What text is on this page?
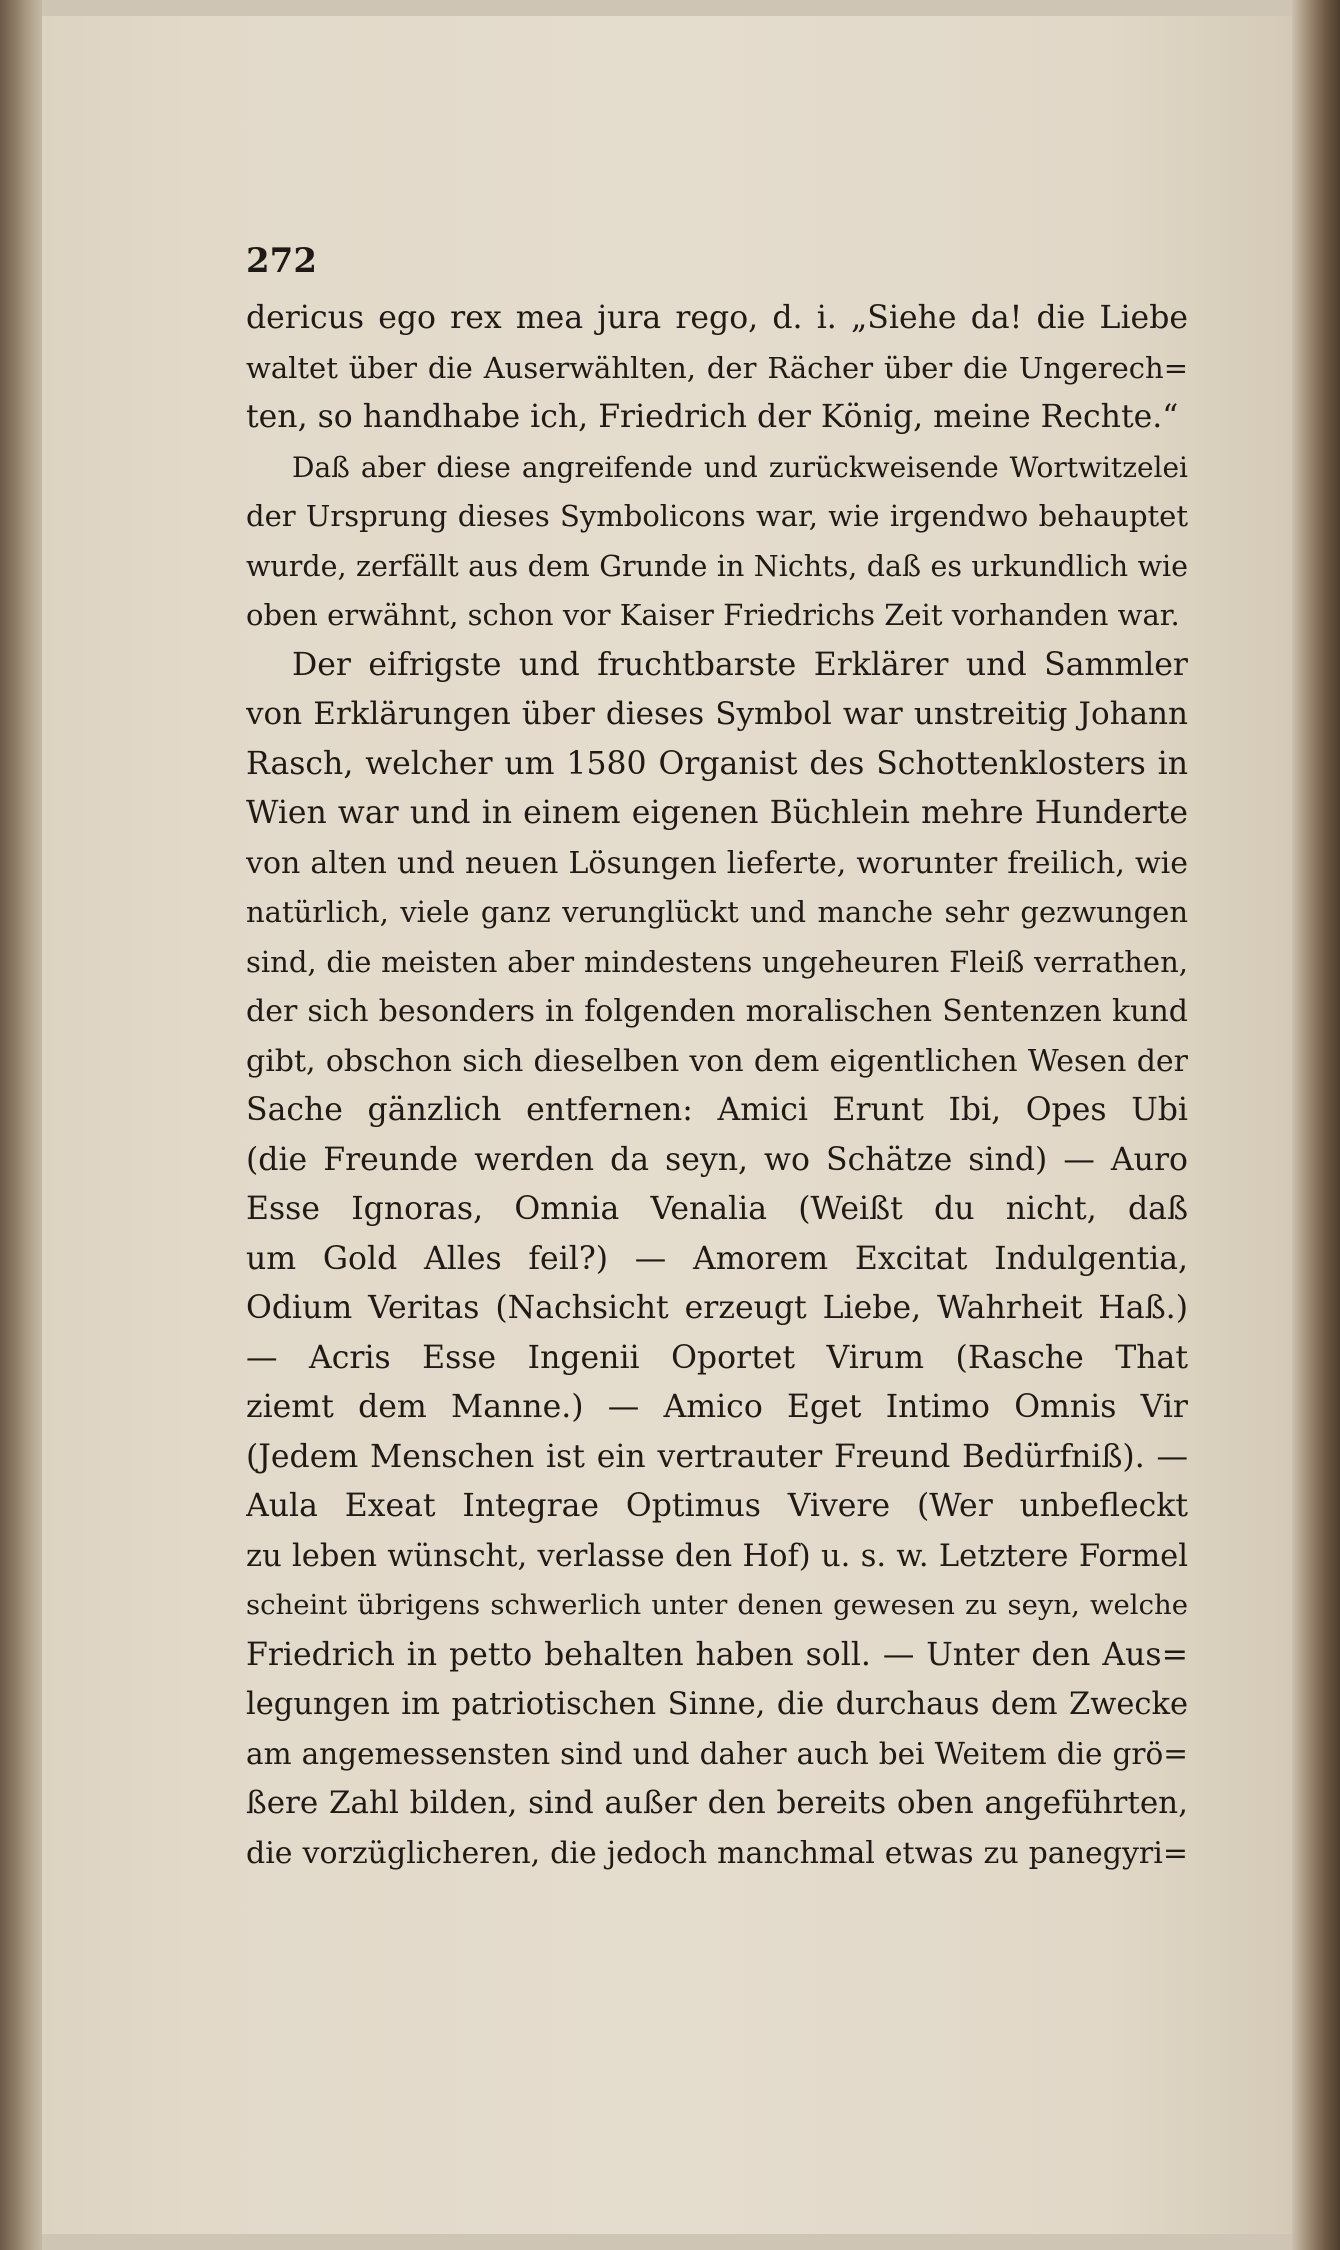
272
dericus ego rex mea jura rego, d. i. „Siehe da! die Liebe
waltet über die Auserwählten, der Rächer über die Ungerech=
ten, so handhabe ich, Friedrich der König, meine Rechte.“
Daß aber diese angreifende und zurückweisende Wortwitzelei
der Ursprung dieses Symbolicons war, wie irgendwo behauptet
wurde, zerfällt aus dem Grunde in Nichts, daß es urkundlich wie
oben erwähnt, schon vor Kaiser Friedrichs Zeit vorhanden war.
Der eifrigste und fruchtbarste Erklärer und Sammler
von Erklärungen über dieses Symbol war unstreitig Johann
Rasch, welcher um 1580 Organist des Schottenklosters in
Wien war und in einem eigenen Büchlein mehre Hunderte
von alten und neuen Lösungen lieferte, worunter freilich, wie
natürlich, viele ganz verunglückt und manche sehr gezwungen
sind, die meisten aber mindestens ungeheuren Fleiß verrathen,
der sich besonders in folgenden moralischen Sentenzen kund
gibt, obschon sich dieselben von dem eigentlichen Wesen der
Sache gänzlich entfernen: Amici Erunt Ibi, Opes Ubi
(die Freunde werden da seyn, wo Schätze sind) — Auro
Esse Ignoras, Omnia Venalia (Weißt du nicht, daß
um Gold Alles feil?) — Amorem Excitat Indulgentia,
Odium Veritas (Nachsicht erzeugt Liebe, Wahrheit Haß.)
— Acris Esse Ingenii Oportet Virum (Rasche That
ziemt dem Manne.) — Amico Eget Intimo Omnis Vir
(Jedem Menschen ist ein vertrauter Freund Bedürfniß). —
Aula Exeat Integrae Optimus Vivere (Wer unbefleckt
zu leben wünscht, verlasse den Hof) u. s. w. Letztere Formel
scheint übrigens schwerlich unter denen gewesen zu seyn, welche
Friedrich in petto behalten haben soll. — Unter den Aus=
legungen im patriotischen Sinne, die durchaus dem Zwecke
am angemessensten sind und daher auch bei Weitem die grö=
ßere Zahl bilden, sind außer den bereits oben angeführten,
die vorzüglicheren, die jedoch manchmal etwas zu panegyri=
